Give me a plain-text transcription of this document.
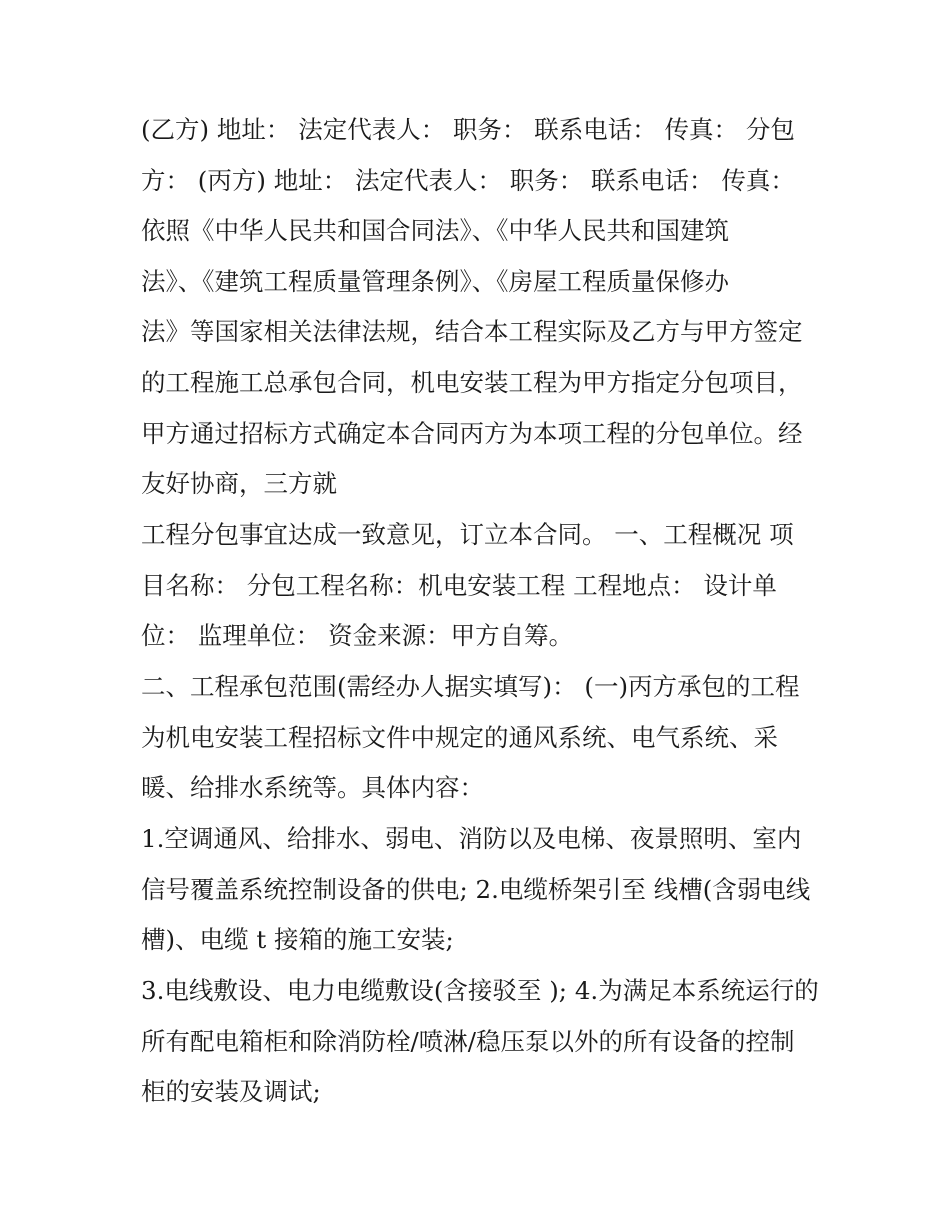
(乙方) 地址： 法定代表人： 职务： 联系电话： 传真： 分包
方： (丙方) 地址： 法定代表人： 职务： 联系电话： 传真：
依照《中华人民共和国合同法》、《中华人民共和国建筑
法》、《建筑工程质量管理条例》、《房屋工程质量保修办
法》等国家相关法律法规，结合本工程实际及乙方与甲方签定
的工程施工总承包合同，机电安装工程为甲方指定分包项目，
甲方通过招标方式确定本合同丙方为本项工程的分包单位。经
友好协商，三方就
工程分包事宜达成一致意见，订立本合同。 一、工程概况 项
目名称： 分包工程名称：机电安装工程 工程地点： 设计单
位： 监理单位： 资金来源：甲方自筹。
二、工程承包范围(需经办人据实填写)： (一)丙方承包的工程
为机电安装工程招标文件中规定的通风系统、电气系统、采
暖、给排水系统等。具体内容：
1.空调通风、给排水、弱电、消防以及电梯、夜景照明、室内
信号覆盖系统控制设备的供电; 2.电缆桥架引至 线槽(含弱电线
槽)、电缆 t 接箱的施工安装;
3.电线敷设、电力电缆敷设(含接驳至 ); 4.为满足本系统运行的
所有配电箱柜和除消防栓/喷淋/稳压泵以外的所有设备的控制
柜的安装及调试;
